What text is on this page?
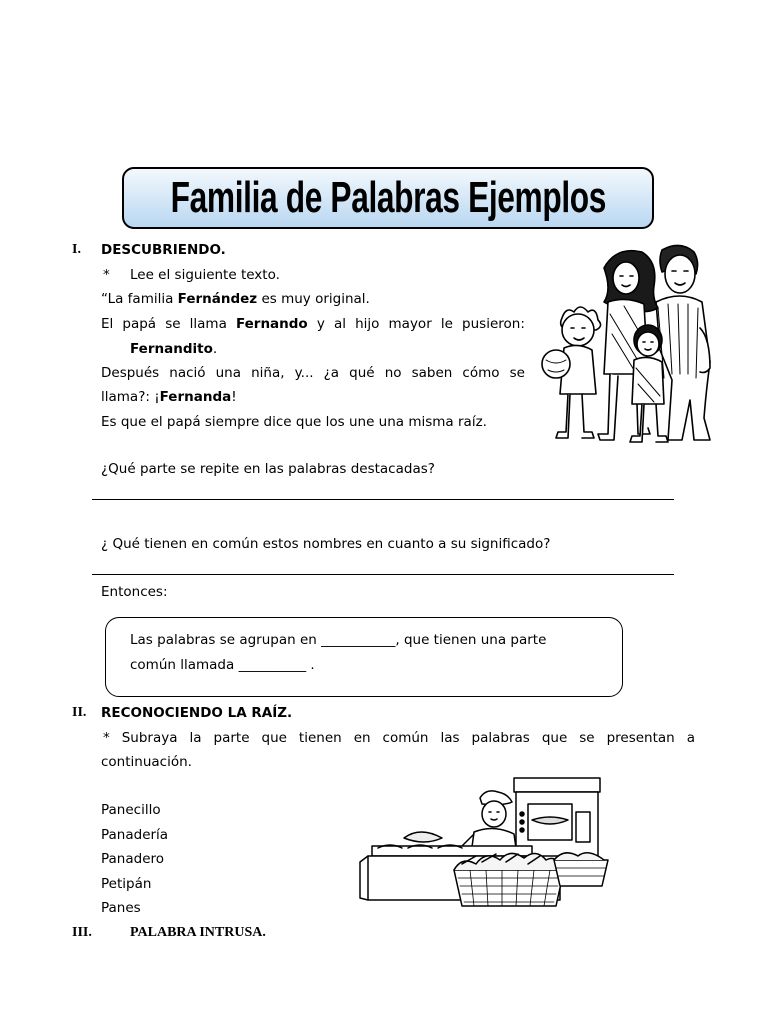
Familia de Palabras Ejemplos
I. DESCUBRIENDO.
* Lee el siguiente texto.
“La familia Fernández es muy original.
El papá se llama Fernando y al hijo mayor le pusieron:
Fernandito.
Después nació una niña, y... ¿a qué no saben cómo se
llama?: ¡Fernanda!
Es que el papá siempre dice que los une una misma raíz.
¿Qué parte se repite en las palabras destacadas?
¿ Qué tienen en común estos nombres en cuanto a su significado?
Entonces:
Las palabras se agrupan en ___________, que tienen una parte
común llamada __________ .
II. RECONOCIENDO LA RAÍZ.
* Subraya la parte que tienen en común las palabras que se presentan a
continuación.
Panecillo
Panadería
Panadero
Petipán
Panes
III.	PALABRA INTRUSA.
